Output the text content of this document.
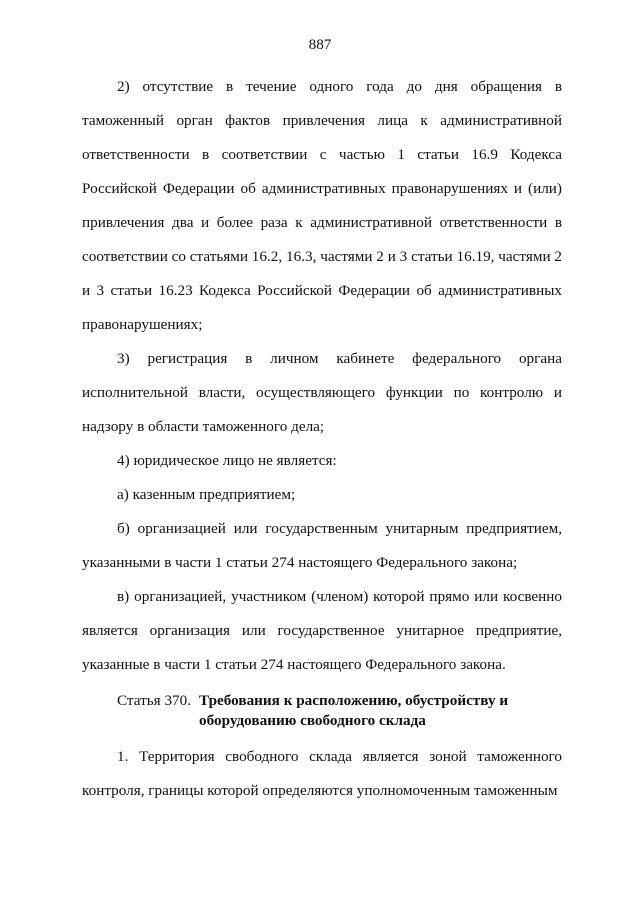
887

2) отсутствие в течение одного года до дня обращения в таможенный орган фактов привлечения лица к административной ответственности в соответствии с частью 1 статьи 16.9 Кодекса Российской Федерации об административных правонарушениях и (или) привлечения два и более раза к административной ответственности в соответствии со статьями 16.2, 16.3, частями 2 и 3 статьи 16.19, частями 2 и 3 статьи 16.23 Кодекса Российской Федерации об административных правонарушениях;

3) регистрация в личном кабинете федерального органа исполнительной власти, осуществляющего функции по контролю и надзору в области таможенного дела;

4) юридическое лицо не является:

а) казенным предприятием;

б) организацией или государственным унитарным предприятием, указанными в части 1 статьи 274 настоящего Федерального закона;

в) организацией, участником (членом) которой прямо или косвенно является организация или государственное унитарное предприятие, указанные в части 1 статьи 274 настоящего Федерального закона.

Статья 370. Требования к расположению, обустройству и оборудованию свободного склада

1. Территория свободного склада является зоной таможенного контроля, границы которой определяются уполномоченным таможенным
